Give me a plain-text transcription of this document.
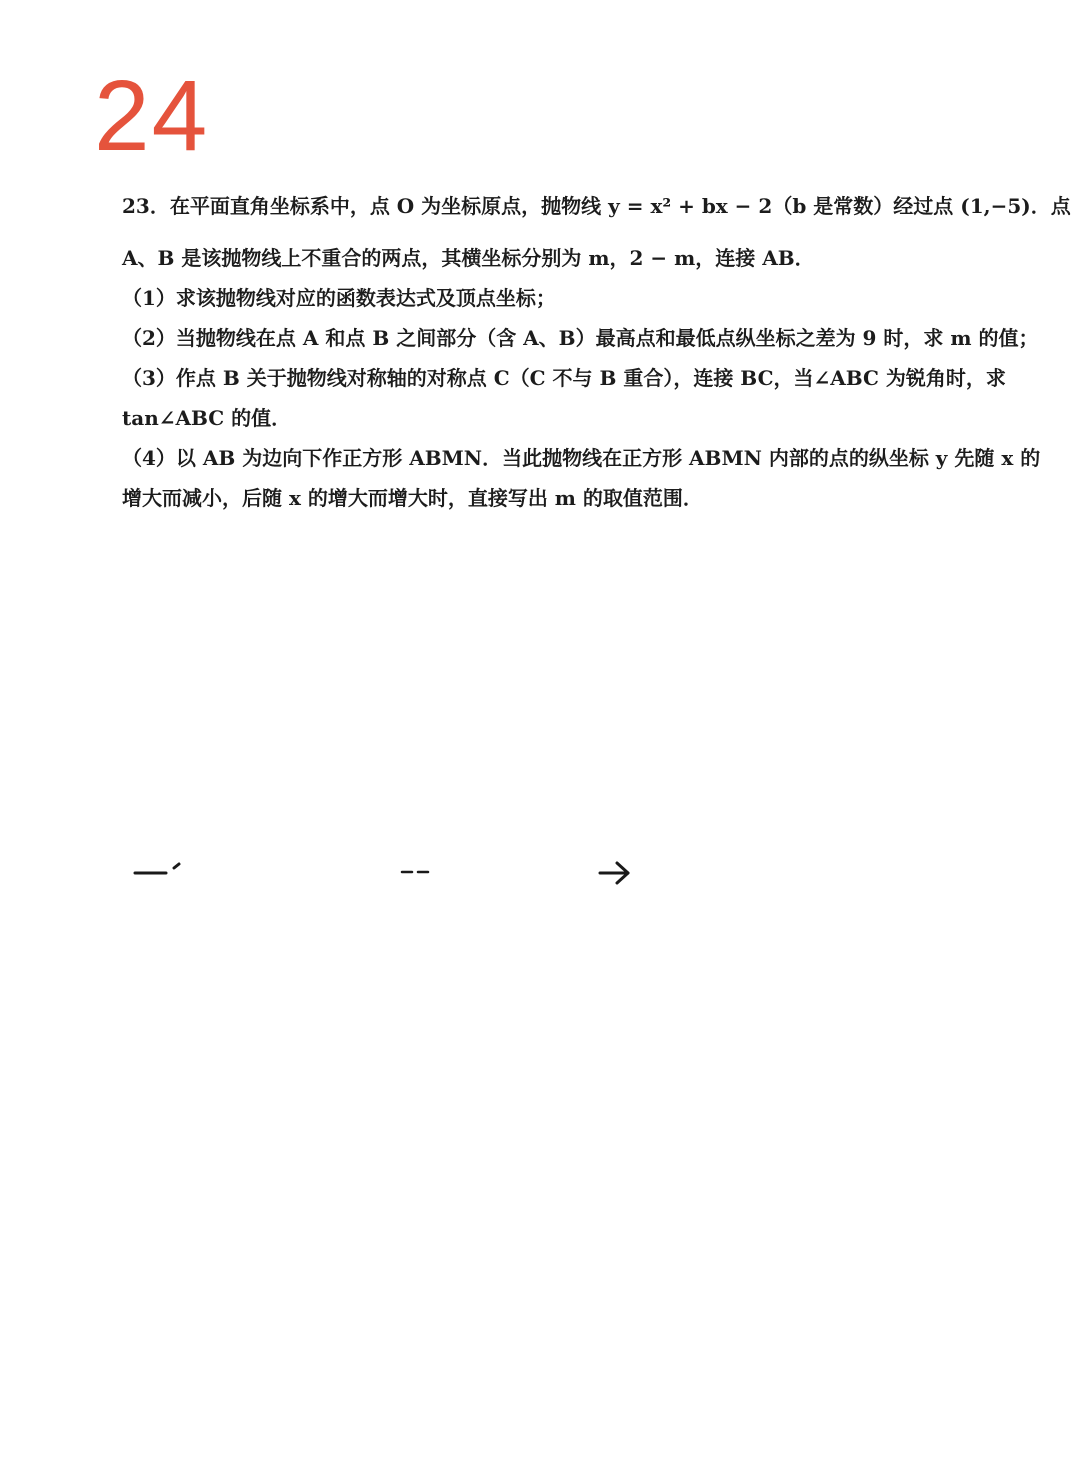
24
23．在平面直角坐标系中，点 O 为坐标原点，抛物线 y = x² + bx − 2（b 是常数）经过点 (1,−5)．点
A、B 是该抛物线上不重合的两点，其横坐标分别为 m，2 − m，连接 AB．
（1）求该抛物线对应的函数表达式及顶点坐标；
（2）当抛物线在点 A 和点 B 之间部分（含 A、B）最高点和最低点纵坐标之差为 9 时，求 m 的值；
（3）作点 B 关于抛物线对称轴的对称点 C（C 不与 B 重合），连接 BC，当∠ABC 为锐角时，求
tan∠ABC 的值．
（4）以 AB 为边向下作正方形 ABMN．当此抛物线在正方形 ABMN 内部的点的纵坐标 y 先随 x 的
增大而减小，后随 x 的增大而增大时，直接写出 m 的取值范围．
